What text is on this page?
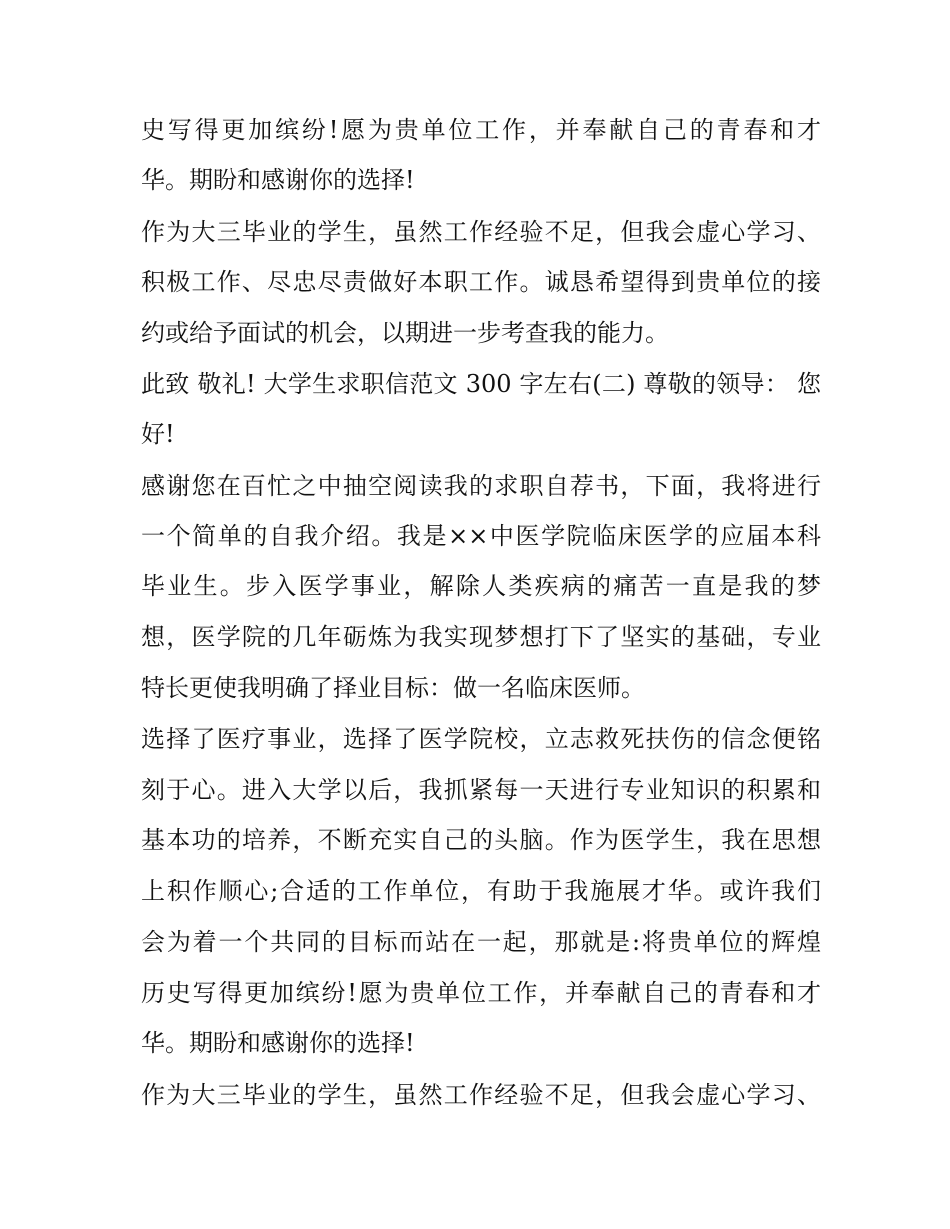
史写得更加缤纷!愿为贵单位工作，并奉献自己的青春和才
华。期盼和感谢你的选择!
作为大三毕业的学生，虽然工作经验不足，但我会虚心学习、
积极工作、尽忠尽责做好本职工作。诚恳希望得到贵单位的接
约或给予面试的机会，以期进一步考查我的能力。
此致 敬礼! 大学生求职信范文 300 字左右(二) 尊敬的领导： 您
好!
感谢您在百忙之中抽空阅读我的求职自荐书，下面，我将进行
一个简单的自我介绍。我是××中医学院临床医学的应届本科
毕业生。步入医学事业，解除人类疾病的痛苦一直是我的梦
想，医学院的几年砺炼为我实现梦想打下了坚实的基础，专业
特长更使我明确了择业目标：做一名临床医师。
选择了医疗事业，选择了医学院校，立志救死扶伤的信念便铭
刻于心。进入大学以后，我抓紧每一天进行专业知识的积累和
基本功的培养，不断充实自己的头脑。作为医学生，我在思想
上积作顺心;合适的工作单位，有助于我施展才华。或许我们
会为着一个共同的目标而站在一起，那就是:将贵单位的辉煌
历史写得更加缤纷!愿为贵单位工作，并奉献自己的青春和才
华。期盼和感谢你的选择!
作为大三毕业的学生，虽然工作经验不足，但我会虚心学习、
